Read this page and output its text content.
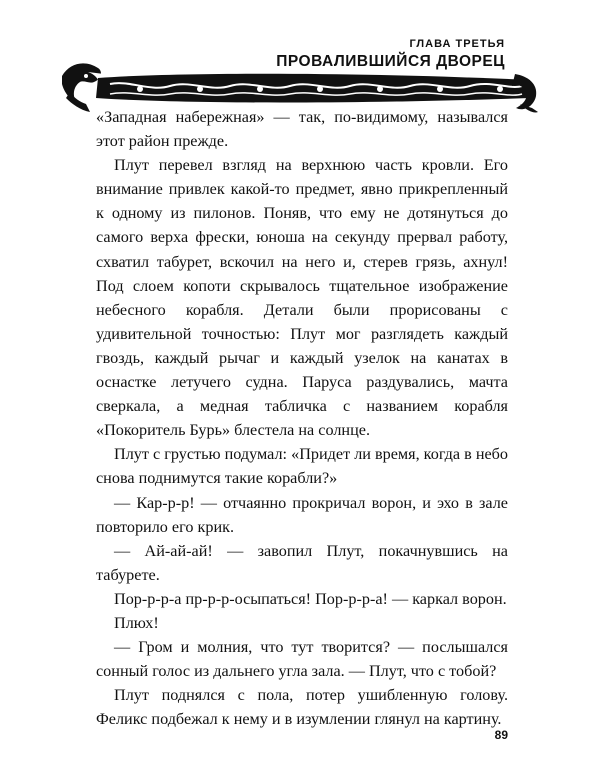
ГЛАВА ТРЕТЬЯ
ПРОВАЛИВШИЙСЯ ДВОРЕЦ

«Западная набережная» — так, по-видимому, назывался этот район прежде.

Плут перевел взгляд на верхнюю часть кровли. Его внимание привлек какой-то предмет, явно прикрепленный к одному из пилонов. Поняв, что ему не дотянуться до самого верха фрески, юноша на секунду прервал работу, схватил табурет, вскочил на него и, стерев грязь, ахнул! Под слоем копоти скрывалось тщательное изображение небесного корабля. Детали были прорисованы с удивительной точностью: Плут мог разглядеть каждый гвоздь, каждый рычаг и каждый узелок на канатах в оснастке летучего судна. Паруса раздувались, мачта сверкала, а медная табличка с названием корабля «Покоритель Бурь» блестела на солнце.

Плут с грустью подумал: «Придет ли время, когда в небо снова поднимутся такие корабли?»

— Кар-р-р! — отчаянно прокричал ворон, и эхо в зале повторило его крик.

— Ай-ай-ай! — завопил Плут, покачнувшись на табурете.

Пор-р-р-а пр-р-р-осыпаться! Пор-р-р-а! — каркал ворон.

Плюх!

— Гром и молния, что тут творится? — послышался сонный голос из дальнего угла зала. — Плут, что с тобой?

Плут поднялся с пола, потер ушибленную голову. Феликс подбежал к нему и в изумлении глянул на картину.

89
